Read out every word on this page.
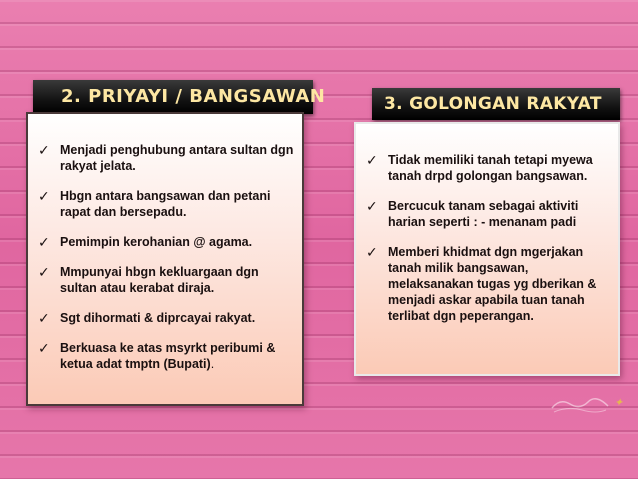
2. PRIYAYI / BANGSAWAN
✓ Menjadi penghubung antara sultan dgn rakyat jelata.
✓ Hbgn antara bangsawan dan petani rapat dan bersepadu.
✓ Pemimpin kerohanian @ agama.
✓ Mmpunyai hbgn kekluargaan dgn sultan atau kerabat diraja.
✓ Sgt dihormati & diprcayai rakyat.
✓ Berkuasa ke atas msyrkt peribumi & ketua adat tmptn (Bupati).
3. GOLONGAN RAKYAT
✓ Tidak memiliki tanah tetapi myewa tanah drpd golongan bangsawan.
✓ Bercucuk tanam sebagai aktiviti harian seperti : - menanam padi
✓ Memberi khidmat dgn mgerjakan tanah milik bangsawan, melaksanakan tugas yg dberikan & menjadi askar apabila tuan tanah terlibat dgn peperangan.
✦
